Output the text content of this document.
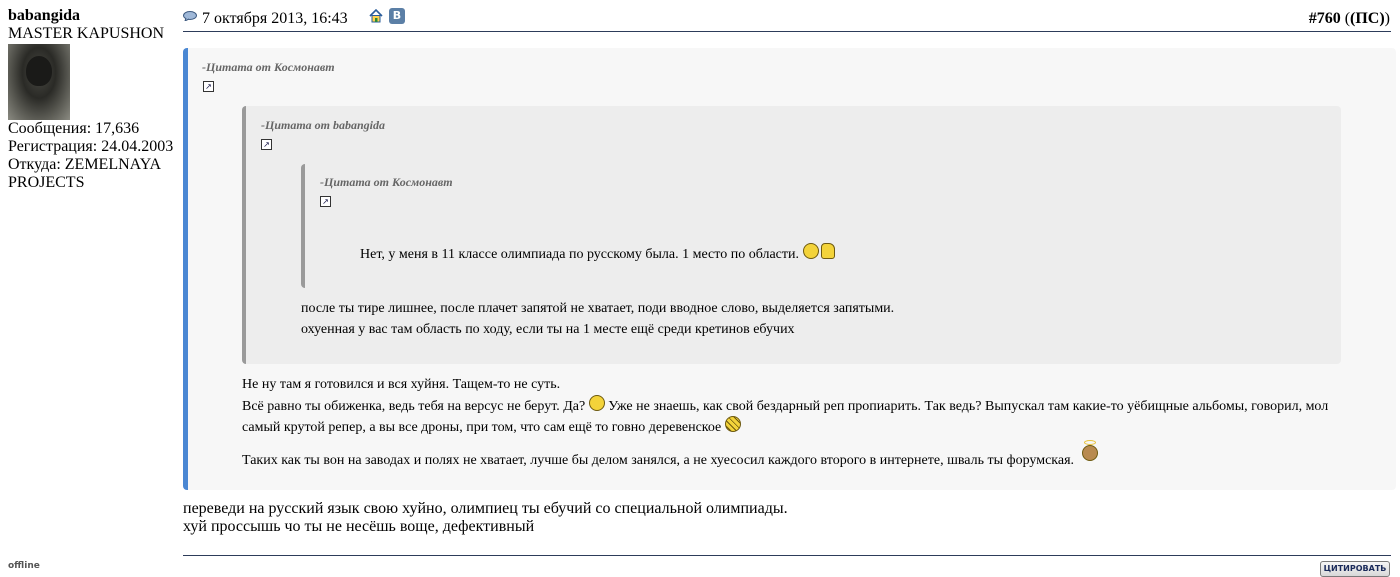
babangida
MASTER KAPUSHON
Сообщения: 17,636
Регистрация: 24.04.2003
Откуда: ZEMELNAYA
PROJECTS
offline
7 октября 2013, 16:43	В	#760 ((ПС))
-Цитата от Космонавт
↗
Не ну там я готовился и вся хуйня. Тащем-то не суть.
Всё равно ты обиженка, ведь тебя на версус не берут. Да? Уже не знаешь, как свой бездарный реп пропиарить. Так ведь? Выпускал там какие-то уёбищные альбомы, говорил, мол
самый крутой репер, а вы все дроны, при том, что сам ещё то говно деревенское
Таких как ты вон на заводах и полях не хватает, лучше бы делом занялся, а не хуесосил каждого второго в интернете, шваль ты форумская.
-Цитата от babangida
↗
после ты тире лишнее, после плачет запятой не хватает, поди вводное слово, выделяется запятыми.
охуенная у вас там область по ходу, если ты на 1 месте ещё среди кретинов ебучих
-Цитата от Космонавт
↗
Нет, у меня в 11 классе олимпиада по русскому была. 1 место по области.
переведи на русский язык свою хуйно, олимпиец ты ебучий со специальной олимпиады.
хуй проссышь чо ты не несёшь воще, дефективный
ЦИТИРОВАТЬ
